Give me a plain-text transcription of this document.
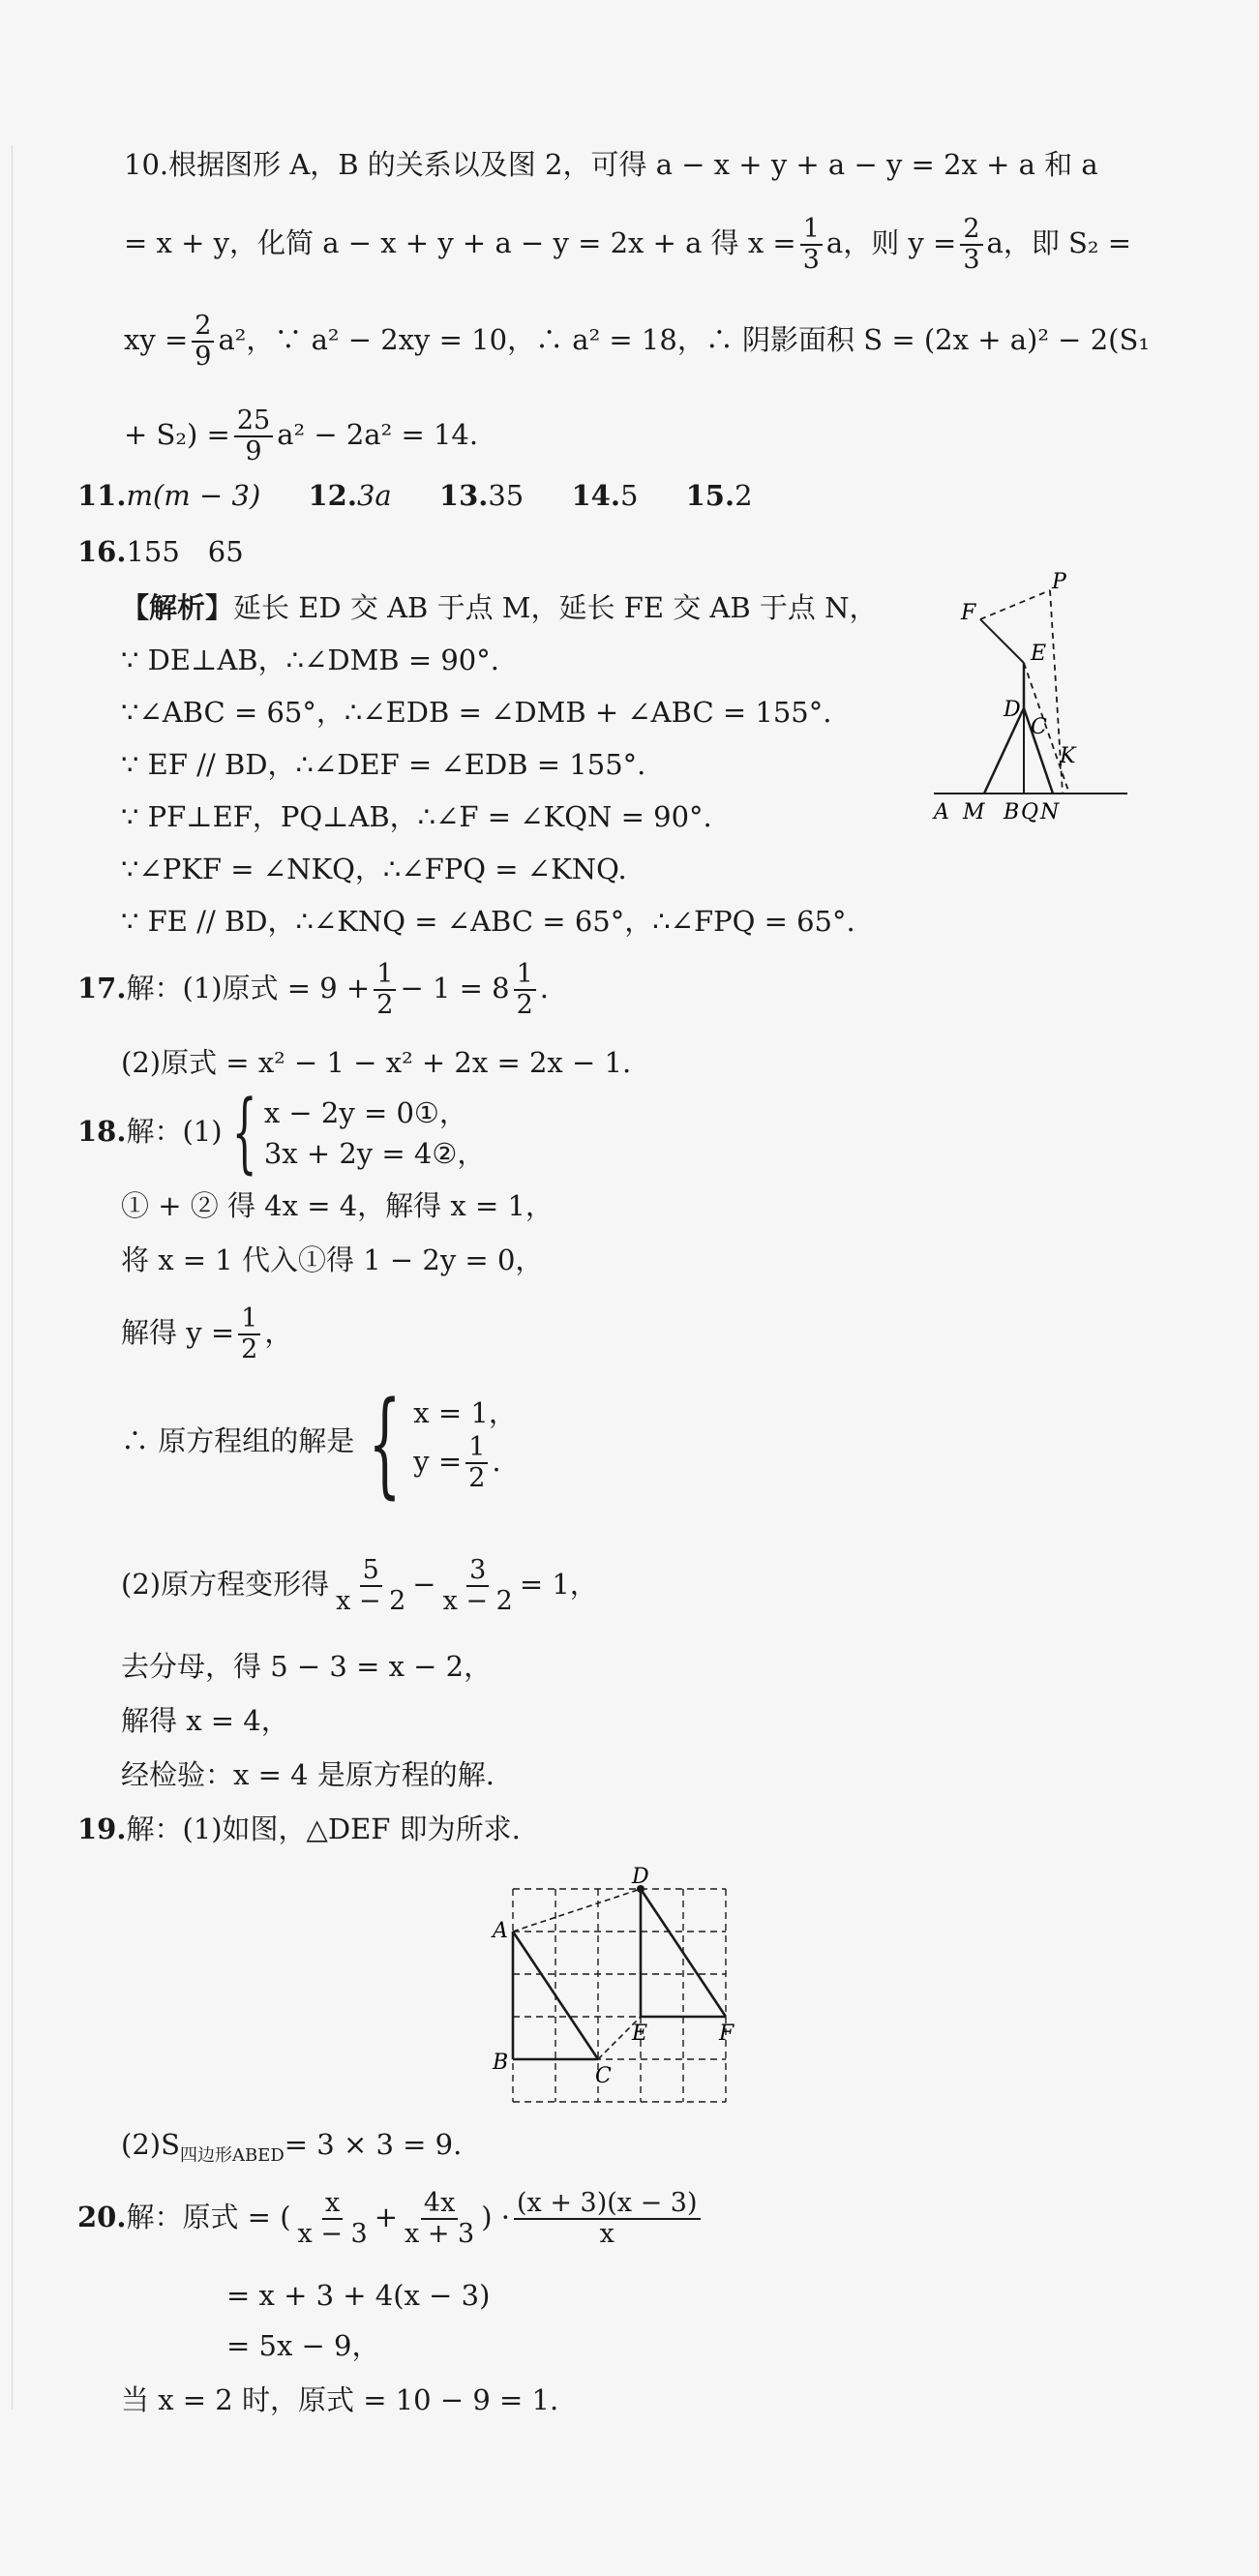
10.根据图形 A，B 的关系以及图 2，可得 a − x + y + a − y = 2x + a 和 a
= x + y，化简 a − x + y + a − y = 2x + a 得 $x = \frac{1}{3}$ a，则 $y = \frac{2}{3}$ a，即 S₂ =
xy = $\frac{2}{9} a^2$，∵ a² − 2xy = 10，∴ a² = 18，∴ 阴影面积 S = (2x + a)² − 2(S₁
+ $S_2) = \frac{25}{9} a^2 - 2a^2 = 14$.
11.m(m − 3) 12.3a 13.35 14.5 15.2
16.155　65
【解析】延长 ED 交 AB 于点 M，延长 FE 交 AB 于点 N，
∵ DE⊥AB，∴∠DMB = 90°.
∵∠ABC = 65°，∴∠EDB = ∠DMB + ∠ABC = 155°.
∵ EF // BD，∴∠DEF = ∠EDB = 155°.
∵ PF⊥EF，PQ⊥AB，∴∠F = ∠KQN = 90°.
∵∠PKF = ∠NKQ，∴∠FPQ = ∠KNQ.
∵ FE // BD，∴∠KNQ = ∠ABC = 65°，∴∠FPQ = 65°.
P
F
E
D
C
K
A M B Q N
17.解：(1)原式 = $9 + \frac{1}{2} - 1 = 8 \frac{1}{2}$ .
(2)原式 = x² − 1 − x² + 2x = 2x − 1.
18.解：(1) { x − 2y = 0①，
3x + 2y = 4②，
① + ② 得 4x = 4，解得 x = 1，
将 x = 1 代入①得 1 − 2y = 0，
解得 $y = \frac{1}{2}$ ，
∴ 原方程组的解是 { x = 1，
$y = \frac{1}{2}$ .
(2)原方程变形得 $\frac{5}{x - 2} - \frac{3}{x - 2} = 1$，
去分母，得 5 − 3 = x − 2，
解得 x = 4，
经检验：x = 4 是原方程的解.
19.解：(1)如图，△DEF 即为所求.
D
A
B
C
E	F
$(2)S_{四边形ABED}= 3 \times 3 = 9$.
20.解：原式 = ( $\frac{x}{x - 3} + \frac{4x}{x + 3}$ ) · $\frac{(x + 3)(x - 3)}{x}$
= x + 3 + 4(x − 3)
= 5x − 9，
当 x = 2 时，原式 = 10 − 9 = 1.
